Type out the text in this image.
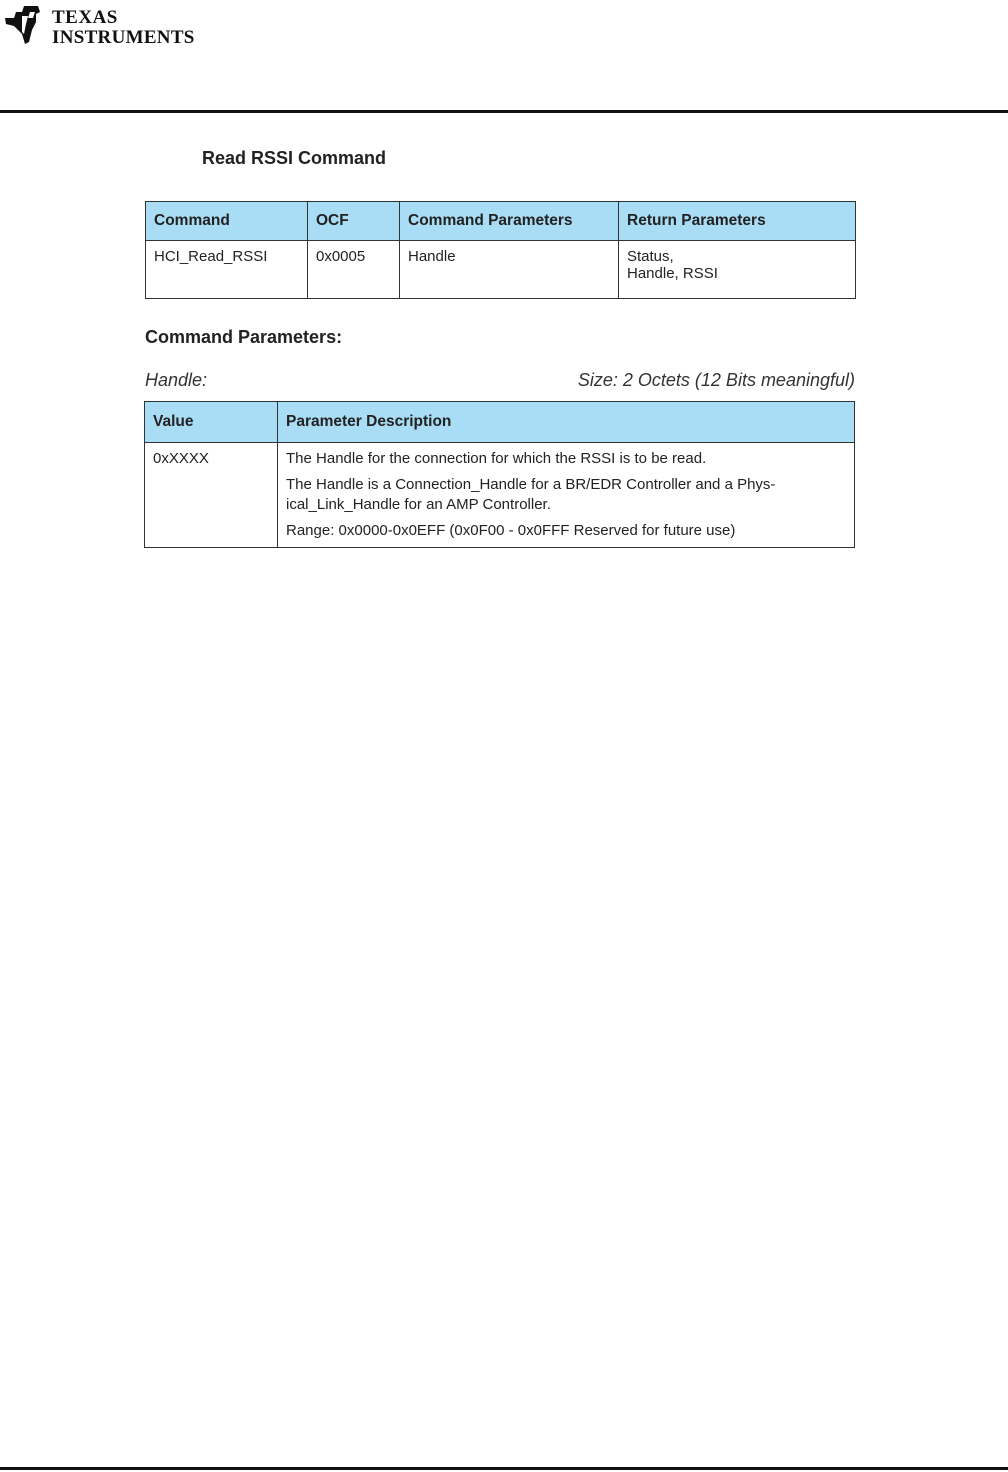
TEXAS
INSTRUMENTS
Read RSSI Command
Command	OCF	Command Parameters	Return Parameters
HCI_Read_RSSI	0x0005	Handle	Status,
Handle, RSSI
Command Parameters:
Handle:	Size: 2 Octets (12 Bits meaningful)
Value	Parameter Description
0xXXXX	The Handle for the connection for which the RSSI is to be read.

The Handle is a Connection_Handle for a BR/EDR Controller and a Phys-ical_Link_Handle for an AMP Controller.

Range: 0x0000-0x0EFF (0x0F00 - 0x0FFF Reserved for future use)
